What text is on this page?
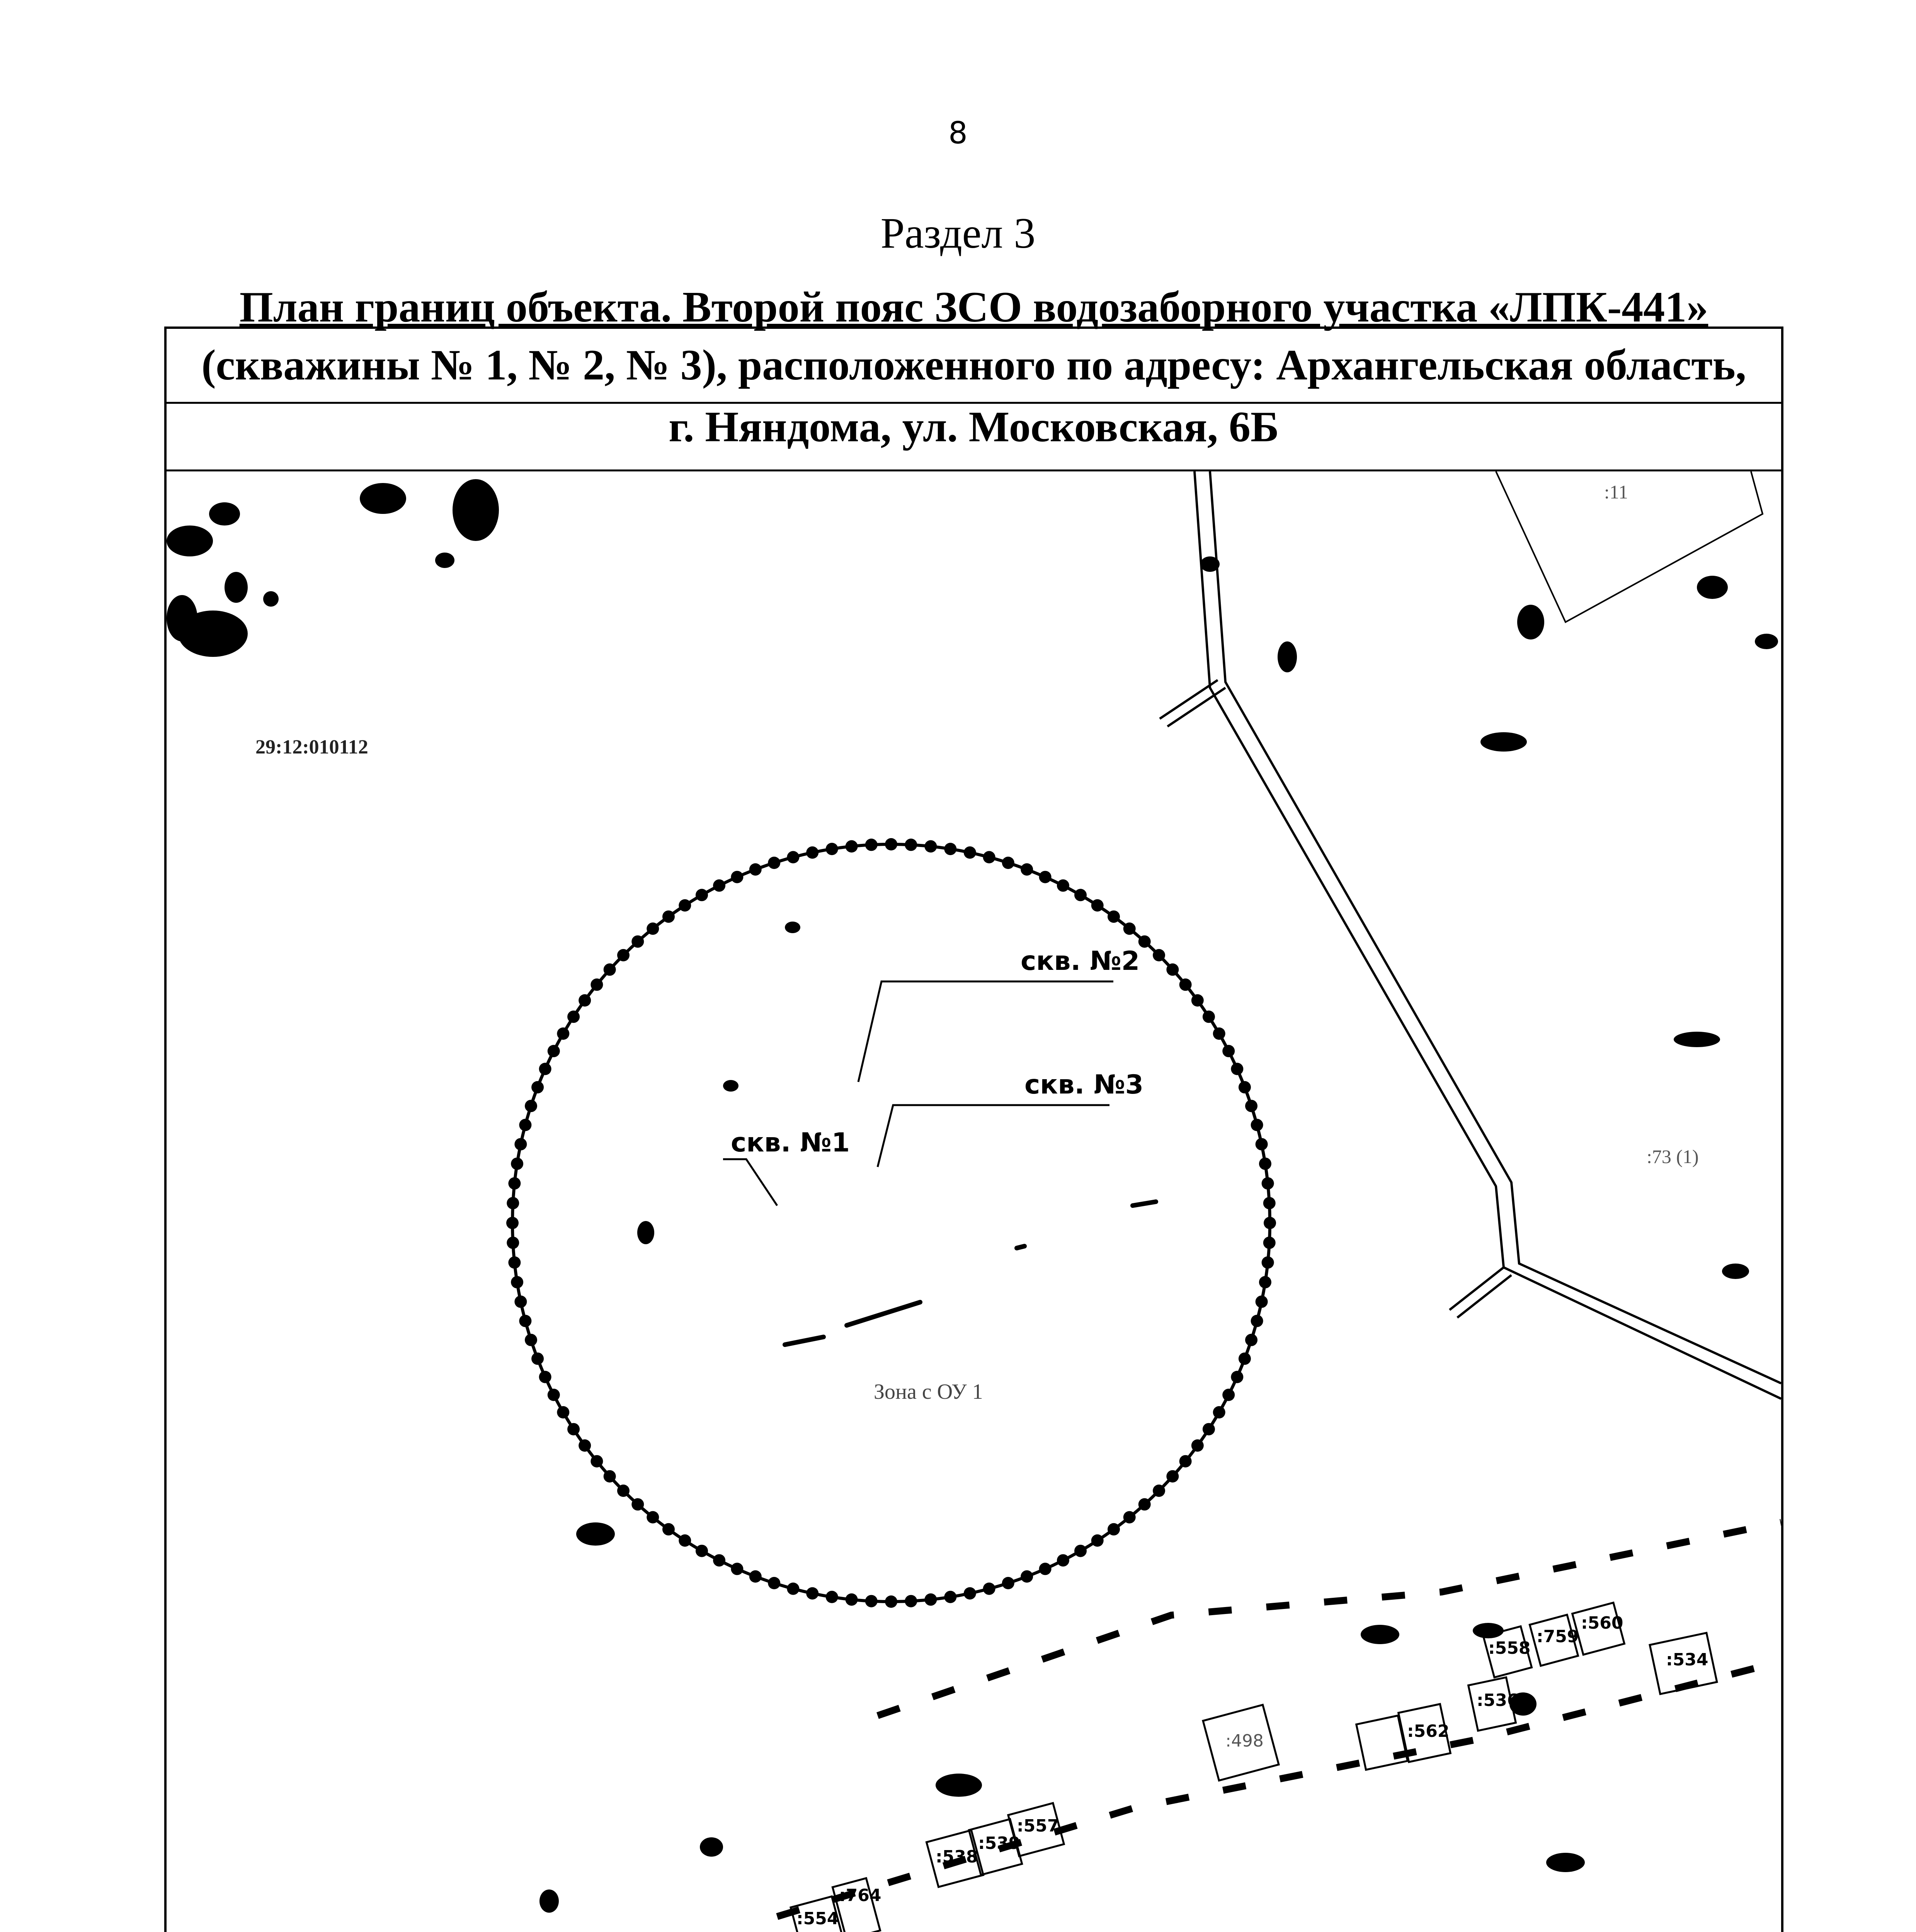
8
Раздел 3
План границ объекта. Второй пояс ЗСО водозаборного участка «ЛПК-441»
(скважины № 1, № 2, № 3), расположенного по адресу: Архангельская область,
г. Няндома, ул. Московская, 6Б
:11
:73 (1)
скв. №2
скв. №3
скв. №1
Зона с ОУ 1
29:12:010112
:558
:759
:560
:534
:498	:562
:536
:557
:539
:538
:764
:554
